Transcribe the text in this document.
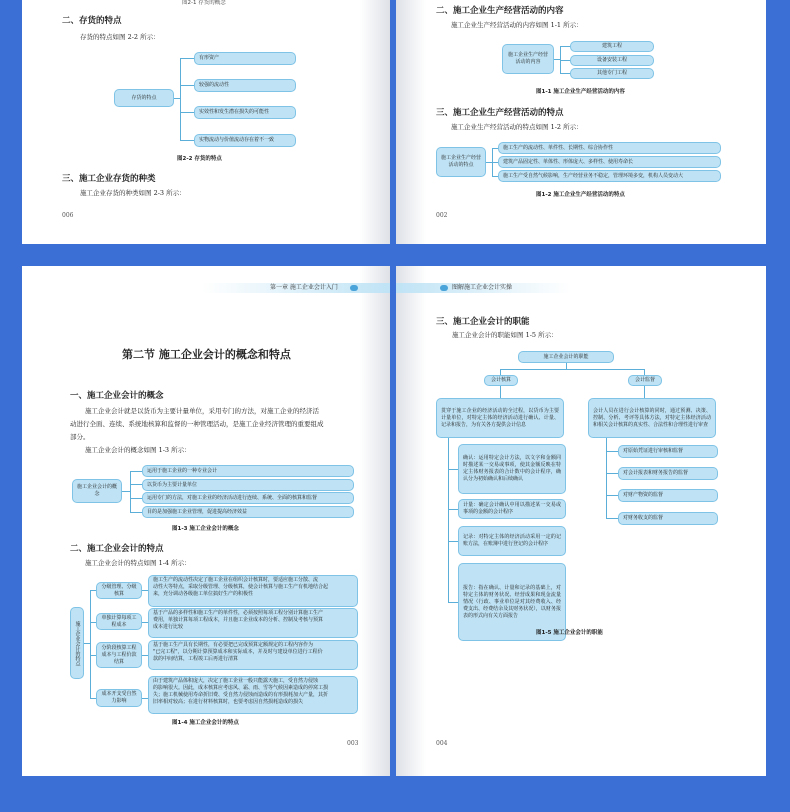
图2-1 存货的概念
二、存货的特点
存货的特点如图 2-2 所示：
存货的特点
有形资产
较强的流动性
实效性和发生潜在损失的可能性
实物流动与价值流动存在着不一致
图2-2 存货的特点
三、施工企业存货的种类
施工企业存货的种类如图 2-3 所示：
006
二、施工企业生产经营活动的内容
施工企业生产经营活动的内容如图 1-1 所示：
施工企业生产经营活动的内容
建筑工程
设备安装工程
其他专门工程
图1-1 施工企业生产经营活动的内容
三、施工企业生产经营活动的特点
施工企业生产经营活动的特点如图 1-2 所示：
施工企业生产经营活动的特点
施工生产的流动性、单件性、长期性、综合协作性
建筑产品固定性、单体性、形体庞大、多样性、使用寿命长
施工生产受自然气候影响，生产经营业务不稳定，管理环境多变，机构人员变动大
图1-2 施工企业生产经营活动的特点
002
第一章 施工企业会计入门
第二节 施工企业会计的概念和特点
一、施工企业会计的概念
施工企业会计就是以货币为主要计量单位，采用专门的方法，对施工企业的经济活
动进行全面、连续、系统地核算和监督的一种管理活动，是施工企业经济管理的重要组成
部分。
施工企业会计的概念如图 1-3 所示：
施工企业会计的概念
运用于施工企业的一种专业会计
以货币为主要计量单位
运用专门的方法，对施工企业的经济活动进行连续、系统、全面的核算和监督
目的是加强施工企业管理，促进提高经济效益
图1-3 施工企业会计的概念
二、施工企业会计的特点
施工企业会计的特点如图 1-4 所示：
施工企业会计的特点
分级管理、分级核算
施工生产的流动性决定了施工企业在组织会计核算时，要适应施工分散、流
动性大等特点，采取分级管理、分级核算，使会计核算与施工生产有机地结合起
来，充分调动各级施工单位搞好生产的积极性
单独计算每项工程成本
基于产品的多样性和施工生产的单件性，必须按照每项工程分别计算施工生产
费用，单独计算每项工程成本，并且施工企业成本的分析、控制及考核与预算
成本进行比较
分阶段核算工程成本与工程价款结算
基于施工生产具有长期性，有必要把已完成预算定额规定的工程内容作为
"已完工程"，以分期计算预算成本和实际成本，并及时与建设单位进行工程价
款的中间结算，工程竣工后再进行清算
成本开支受自然力影响
由于建筑产品体积庞大，决定了施工企业一般只能露天施工，受自然力侵蚀
的影响很大。因此，成本核算应考虑风、霜、雨、雪等气候因素造成的停窝工损
失；施工机械使用寿命折旧费、受自然力侵蚀而造成的有形损耗加大产量，其折
旧率相对较高；在进行材料核算时，也要考虑因自然损耗造成的损失
图1-4 施工企业会计的特点
003
图解施工企业会计实操
三、施工企业会计的职能
施工企业会计的职能如图 1-5 所示：
施工企业会计的职能
会计核算	会计监督
贯穿于施工企业的经济活动的全过程，以货币为主要计量单位，对特定主体的经济活动进行确认、计量、记录和报告，为有关各方提供会计信息
会计人员在进行会计核算的同时，通过预测、决策、控制、分析、考评等具体方法，对特定主体经济活动和相关会计核算的真实性、合法性和合理性进行审查
确认：运用特定会计方法，以文字和金额同时描述某一交易或事项，使其金额反映在特定主体财务报表的合计数中的会计程序，确认分为初始确认和后续确认
计量：确定会计确认中用以描述某一交易或事项的金额的会计程序
记录：对特定主体的经济活动采用一定的记账方法，在账簿中进行登记的会计程序
报告：指在确认、计量和记录的基础上，对特定主体的财务状况、经营成果和现金流量情况（行政、事业单位是对其经费收入、经费支出、经费结余及其财务状况），以财务报表的形式向有关方面报告
对原始凭证进行审核和监督
对会计报表和财务报告的监督
对财产物资的监督
对财务收支的监督
图1-5 施工企业会计的职能
004
